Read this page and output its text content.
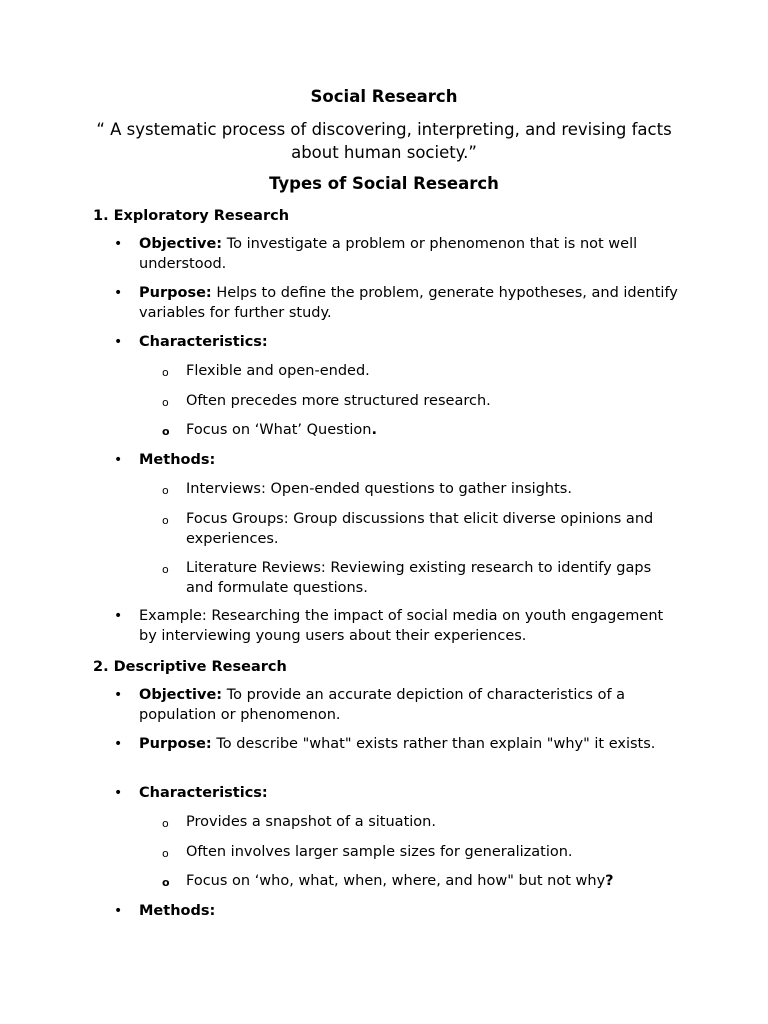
Social Research
“ A systematic process of discovering, interpreting, and revising facts about human society.”
Types of Social Research
1. Exploratory Research
• Objective: To investigate a problem or phenomenon that is not well understood.
• Purpose: Helps to define the problem, generate hypotheses, and identify variables for further study.
• Characteristics:
o Flexible and open-ended.
o Often precedes more structured research.
o Focus on ‘What’ Question.
• Methods:
o Interviews: Open-ended questions to gather insights.
o Focus Groups: Group discussions that elicit diverse opinions and experiences.
o Literature Reviews: Reviewing existing research to identify gaps and formulate questions.
• Example: Researching the impact of social media on youth engagement by interviewing young users about their experiences.
2. Descriptive Research
• Objective: To provide an accurate depiction of characteristics of a population or phenomenon.
• Purpose: To describe "what" exists rather than explain "why" it exists.
• Characteristics:
o Provides a snapshot of a situation.
o Often involves larger sample sizes for generalization.
o Focus on ‘who, what, when, where, and how" but not why?
• Methods:
